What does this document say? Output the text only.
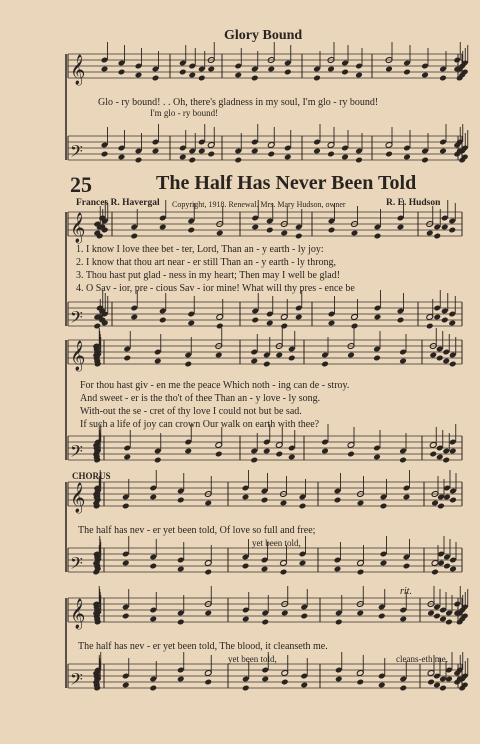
Glory Bound
𝄞
𝄢
𝄞
𝄢
𝄞
𝄢
𝄞
𝄢
𝄞
𝄢
Glo - ry bound! . . Oh, there's gladness in my soul, I'm glo - ry bound!
I'm glo - ry bound!
25	The Half Has Never Been Told
Frances R. Havergal Copyright, 1918. Renewal. Mrs. Mary Hudson, owner	R. E. Hudson
1. I know I love thee bet - ter, Lord, Than an - y earth - ly joy:
2. I know that thou art near - er still Than an - y earth - ly throng,
3. Thou hast put glad - ness in my heart; Then may I well be glad!
4. O Sav - ior, pre - cious Sav - ior mine! What will thy pres - ence be
For thou hast giv - en me the peace Which noth - ing can de - stroy.
And sweet - er is the tho't of thee Than an - y love - ly song.
With-out the se - cret of thy love I could not but be sad.
If such a life of joy can crown Our walk on earth with thee?
CHORUS
The half has nev - er yet been told, Of love so full and free;
yet been told,
rit.
The half has nev - er yet been told, The blood, it cleanseth me.
yet been told,	cleans-eth me.
